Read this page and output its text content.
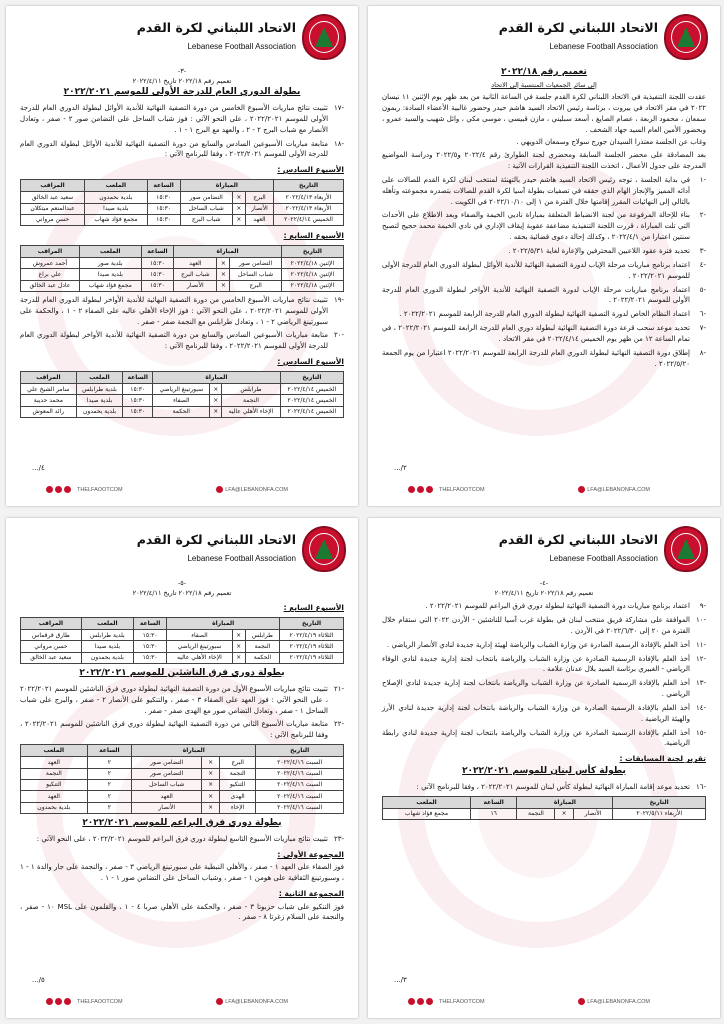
الاتحاد اللبناني لكرة القدم
Lebanese Football Association
تعميم رقم ٢٠٢٢/١٨
إلى سائر الجمعيات المنتسبة إلى الاتحاد
عقدت اللجنة التنفيذية في الاتحاد اللبناني لكرة القدم جلسة في الساعة الثانية من بعد ظهر يوم الإثنين ١١ نيسان ٢٠٢٢ في مقر الاتحاد في بيروت ، برئاسة رئيس الاتحاد السيد هاشم حيدر وحضور غالبية الأعضاء السادة: ريمون سمعان ، محمود الربعة ، عصام الصايغ ، أسعد سبليني ، مازن قبيسي ، موسى مكي ، وائل شهيب والسيد عمرو ، وبحضور الأمين العام السيد جهاد الشحف .
وغاب عن الجلسة معتذرا السيدان جورج سولاج وسمعان الدويهي .
بعد المصادقة على محضر الجلسة السابقة ومحضري لجنة الطوارئ رقم ٢٠٢٢/٤ و٢٠٢٢/٥ ودراسة المواضيع المدرجة على جدول الأعمال ، اتخذت اللجنة التنفيذية القرارات الآتية :
-١
في بداية الجلسة ، توجه رئيس الاتحاد السيد هاشم حيدر بالتهنئة لمنتخب لبنان لكرة القدم للصالات على أدائه المميز والإنجاز الهام الذي حققه في تصفيات بطولة آسيا لكرة القدم للصالات بتصدره مجموعته وتأهله بالتالي إلى النهائيات المقرر إقامتها خلال الفترة من ١ إلى ٢٠٢٢/١٠/١٠ في الكويت .
-٢
بناء للإحالة المرفوعة من لجنة الانضباط المتعلقة بمباراة ناديي الخيمة والصفاء وبعد الاطلاع على الأحداث التي تلت المباراة ، قررت اللجنة التنفيذية مضاعفة عقوبة إيقاف الإداري في نادي الخيمة محمد حجيج لتصبح سنتين اعتبارا من ٢٠٢٢/٤/١ ، وكذلك إحالة دعوى قضائية بحقه .
-٣
تحديد فترة عقود اللاعبين المحترفين والإعارة لغاية ٢٠٢٢/٥/٣١ .
-٤
اعتماد برنامج مباريات مرحلة الإياب لدورة التصفية النهائية للأندية الأوائل لبطولة الدوري العام للدرجة الأولى للموسم ٢٠٢٢/٢٠٢١ .
-٥
اعتماد برنامج مباريات مرحلة الإياب لدورة التصفية النهائية للأندية الأواخر لبطولة الدوري العام للدرجة الأولى للموسم ٢٠٢٢/٢٠٢١ .
-٦
اعتماد النظام الخاص لدورة التصفية النهائية لبطولة الدوري العام للدرجة الرابعة للموسم ٢٠٢٢/٢٠٢١ .
-٧
تحديد موعد سحب قرعة دورة التصفية النهائية لبطولة دوري العام للدرجة الرابعة للموسم ٢٠٢٢/٢٠٢١ ، في تمام الساعة ١٢ من ظهر يوم الخميس ٢٠٢٢/٤/١٤ في مقر الاتحاد .
-٨
إطلاق دورة التصفية النهائية لبطولة الدوري العام للدرجة الرابعة للموسم ٢٠٢٢/٢٠٢١ اعتبارا من يوم الجمعة ٢٠٢٢/٥/٢٠ .
٢/...
THELFAOOTCOM	LFA@LEBANONFA.COM
الاتحاد اللبناني لكرة القدم
Lebanese Football Association
-٣-
تعميم رقم ٢٠٢٢/١٨ تاريخ ٢٠٢٢/٤/١١
بطولة الدوري العام للدرجة الأولى للموسم ٢٠٢٢/٢٠٢١
-١٧
تثبيت نتائج مباريات الأسبوع الخامس من دورة التصفية النهائية للأندية الأوائل لبطولة الدوري العام للدرجة الأولى للموسم ٢٠٢٢/٢٠٢١ ، على النحو الآتي : فوز شباب الساحل على التضامن صور ٢ - صفر ، وتعادل الأنصار مع شباب البرج ٢ - ٢ ، والعهد مع البرج ١ - ١ .
-١٨
متابعة مباريات الأسبوعين السادس والسابع من دورة التصفية النهائية للأندية الأوائل لبطولة الدوري العام للدرجة الأولى للموسم ٢٠٢٢/٢٠٢١ ، وفقا للبرنامج الآتي :
الأسبوع السادس :
التاريخ	المباراة			الساعة	الملعب	المراقب
الأربعاء ٢٠٢٢/٤/١٣	البرج	×	التضامن صور	١٥:٣٠	بلدية بحمدون	سعيد عبد الخالق
الأربعاء ٢٠٢٢/٤/١٣	الأنصار	×	شباب الساحل	١٥:٣٠	بلدية صيدا	عبدالمنعم ميتكلان
الخميس ٢٠٢٢/٤/١٤	العهد	×	شباب البرج	١٥:٣٠	مجمع فؤاد شهاب	حسن مرواني
الأسبوع السابع :
التاريخ	المباراة			الساعة	الملعب	المراقب
الإثنين ٢٠٢٢/٤/١٨	التضامن صور	×	العهد	١٥:٣٠	بلدية صور	أحمد عمروش
الإثنين ٢٠٢٢/٤/١٨	شباب الساحل	×	شباب البرج	١٥:٣٠	بلدية صيدا	علي براغ
الإثنين ٢٠٢٢/٤/١٨	البرج	×	الأنصار	١٥:٣٠	مجمع فؤاد شهاب	عادل عبد الخالق
-١٩
تثبيت نتائج مباريات الأسبوع الخامس من دورة التصفية النهائية للأندية الأواخر لبطولة الدوري العام للدرجة الأولى للموسم ٢٠٢٢/٢٠٢١ ، على النحو الآتي : فوز الإخاء الأهلي عاليه على الصفاء ٢ - ١ ، والحكمة على سبورتينغ الرياضي ٢ - ١ ، وتعادل طرابلس مع النجمة صفر - صفر .
-٢٠
متابعة مباريات الأسبوعين السادس والسابع من دورة التصفية النهائية للأندية الأواخر لبطولة الدوري العام للدرجة الأولى للموسم ٢٠٢٢/٢٠٢١ ، وفقا للبرنامج الآتي :
الأسبوع السادس :
التاريخ	المباراة			الساعة	الملعب	المراقب
الخميس ٢٠٢٢/٤/١٤	طرابلس	×	سبورتينغ الرياضي	١٥:٣٠	بلدية طرابلس	سامر الشيخ علي
الخميس ٢٠٢٢/٤/١٤	النجمة	×	الصفاء	١٥:٣٠	بلدية صيدا	محمد حديبة
الخميس ٢٠٢٢/٤/١٤	الإخاء الأهلي عاليه	×	الحكمة	١٥:٣٠	بلدية بحمدون	رائد المعوش
٤/...
THELFAOOTCOM	LFA@LEBANONFA.COM
الاتحاد اللبناني لكرة القدم
Lebanese Football Association
-٤-
تعميم رقم ٢٠٢٢/١٨ تاريخ ٢٠٢٢/٤/١١
-٩
اعتماد برنامج مباريات دورة التصفية النهائية لبطولة دوري فرق البراعم للموسم ٢٠٢٢/٢٠٢١ .
-١٠
الموافقة على مشاركة فريق منتخب لبنان في بطولة غرب آسيا للناشئين - الأردن ٢٠٢٢ التي ستقام خلال الفترة من ٢٠ إلى ٢٠٢٢/٦/٣٠ في الأردن .
-١١
أخذ العلم بالإفادة الرسمية الصادرة عن وزارة الشباب والرياضة لهيئة إدارية جديدة لنادي الأنصار الرياضي .
-١٢
أخذ العلم بالإفادة الرسمية الصادرة عن وزارة الشباب والرياضة بانتخاب لجنة إدارية جديدة لنادي الوفاء الرياضي - الغبيري برئاسة السيد بلال عدنان علامة .
-١٣
أخذ العلم بالإفادة الرسمية الصادرة عن وزارة الشباب والرياضة بانتخاب لجنة إدارية جديدة لنادي الإصلاح الرياضي .
-١٤
أخذ العلم بالإفادة الرسمية الصادرة عن وزارة الشباب والرياضة بانتخاب لجنة إدارية جديدة لنادي الأرز والهيئة الرياضية .
-١٥
أخذ العلم بالإفادة الرسمية الصادرة عن وزارة الشباب والرياضة بانتخاب لجنة إدارية جديدة لنادي رابطة الرياضية.
تقرير لجنة المسابقات :
بطولة كأس لبنان للموسم ٢٠٢٢/٢٠٢١
-١٦
تحديد موعد إقامة المباراة النهائية لبطولة كأس لبنان للموسم ٢٠٢٢/٢٠٢١ ، وفقا للبرنامج الآتي :
التاريخ	المباراة			الساعة	الملعب
الأربعاء ٢٠٢٢/٥/١١	الأنصار	×	النجمة	١٦	مجمع فؤاد شهاب
٣/...
THELFAOOTCOM	LFA@LEBANONFA.COM
الاتحاد اللبناني لكرة القدم
Lebanese Football Association
-٥-
تعميم رقم ٢٠٢٢/١٨ تاريخ ٢٠٢٢/٤/١١
الأسبوع السابع :
التاريخ	المباراة			الساعة	الملعب	المراقب
الثلاثاء ٢٠٢٢/٤/١٩	طرابلس	×	الصفاء	١٥:٣٠	بلدية طرابلس	طارق قرقماس
الثلاثاء ٢٠٢٢/٤/١٩	النجمة	×	سبورتينغ الرياضي	١٥:٣٠	بلدية صيدا	حسن مرواني
الثلاثاء ٢٠٢٢/٤/١٩	الحكمة	×	الإخاء الأهلي عاليه	١٥:٣٠	بلدية بحمدون	سعيد عبد الخالق
بطولة دوري فرق الناشئين للموسم ٢٠٢٢/٢٠٢١
-٢١
تثبيت نتائج مباريات الأسبوع الأول من دورة التصفية النهائية لبطولة دوري فرق الناشئين للموسم ٢٠٢٢/٢٠٢١ ، على النحو الآتي : فوز العهد على الصفاء ٣ - صفر ، والتنكيو على الأنصار ٢ - صفر ، والبرج على شباب الساحل ١ - صفر ، وتعادل التضامن صور مع الهدى صفر - صفر .
-٢٢
متابعة مباريات الأسبوع الثاني من دورة التصفية النهائية لبطولة دوري فرق الناشئين للموسم ٢٠٢٢/٢٠٢١ ، وفقا للبرنامج الآتي :
التاريخ	المباراة			الساعة	الملعب
السبت ٢٠٢٢/٤/١٦	البرج	×	التضامن صور	٢	العهد
السبت ٢٠٢٢/٤/١٦	النجمة	×	التضامن صور	٢	النجمة
السبت ٢٠٢٢/٤/١٦	التنكيو	×	شباب الساحل	٢	التنكيو
السبت ٢٠٢٢/٤/١٦	الهدى	×	العهد	٢	العهد
السبت ٢٠٢٢/٤/١٦	الإخاء	×	الأنصار	٢	بلدية بحمدون
بطولة دوري فرق البراعم للموسم ٢٠٢٢/٢٠٢١
-٢٣
تثبيت نتائج مباريات الأسبوع التاسع لبطولة دوري فرق البراعم للموسم ٢٠٢٢/٢٠٢١ ، على النحو الآتي :
المجموعة الأولى :
فوز الصفاء على العهد ١ - صفر ، والأهلي النبطية على سبورتينغ الرياضي ٣ - صفر ، والنجمة على جار والدة ١ - ١ ، وسبورتينغ الثقافية على هومن ١ - صفر ، وشباب الساحل على التضامن صور ١ - ١ .
المجموعة الثانية :
فوز التنكيو على شباب حزبوتا ٣ - صفر ، والحكمة على الأهلي صربا ٤ - ١ ، والقلمون على MSL ١٠ - صفر ، والنجمة على السلام زغرتا ٨ - صفر .
٥/...
THELFAOOTCOM	LFA@LEBANONFA.COM
